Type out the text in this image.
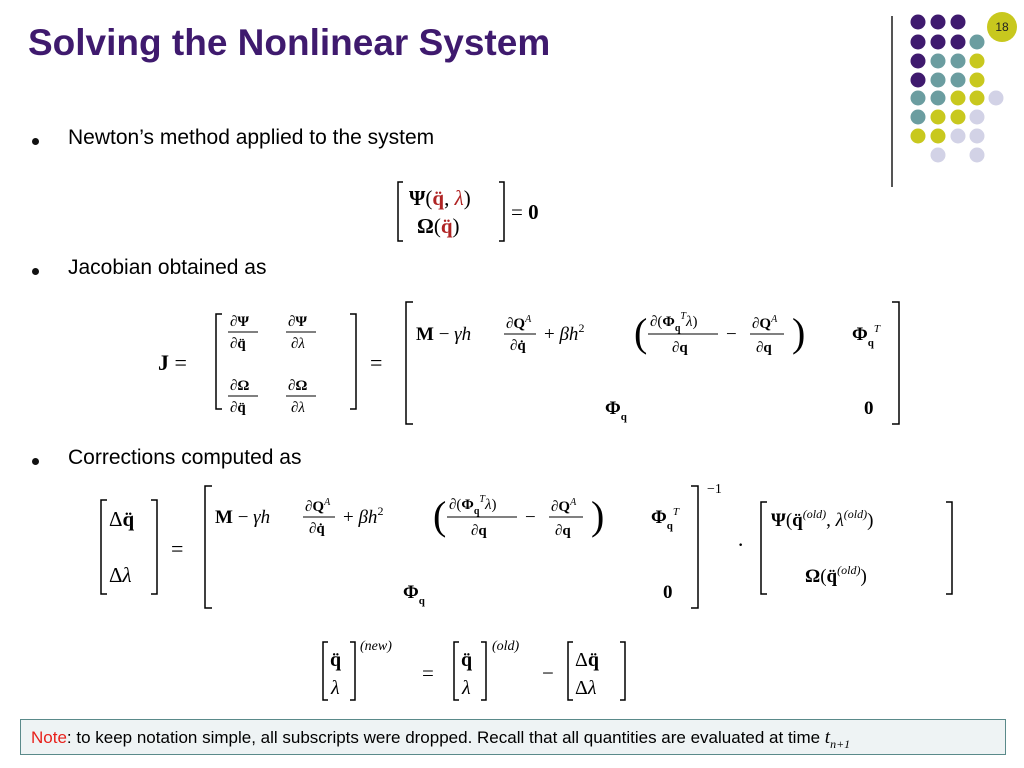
Solving the Nonlinear System	18
Newton’s method applied to the system
Ψ(q̈, λ)
Ω(q̈)
= 0
Jacobian obtained as
J =
∂Ψ
∂q̈
∂Ψ
∂λ
∂Ω
∂q̈
∂Ω
∂λ
=
M − γh $\partial Q^A$
∂q̇
+ $\beta h^2$ ( $\partial(\Phi_q^T\lambda)$
∂q
− $\partial Q^A$
∂q ) $\Phi_q^T$
$\Phi_q$	0
Corrections computed as
Δq̈
Δλ
=
M − γh $\partial Q^A$
∂q̇
+ $\beta h^2$ ( $\partial(\Phi_q^T\lambda)$
∂q
− $\partial Q^A$
∂q ) $\Phi_q^T$
$\Phi_q$	0
−1
·
Ψ(q̈$^{(old)}$, $\lambda^{(old)}$)
Ω(q̈$^{(old)}$)
q̈
λ
(new)
=
q̈
λ
(old)
−
Δq̈
Δλ
Note: to keep notation simple, all subscripts were dropped. Recall that all quantities are evaluated at time $t_{n+1}$
